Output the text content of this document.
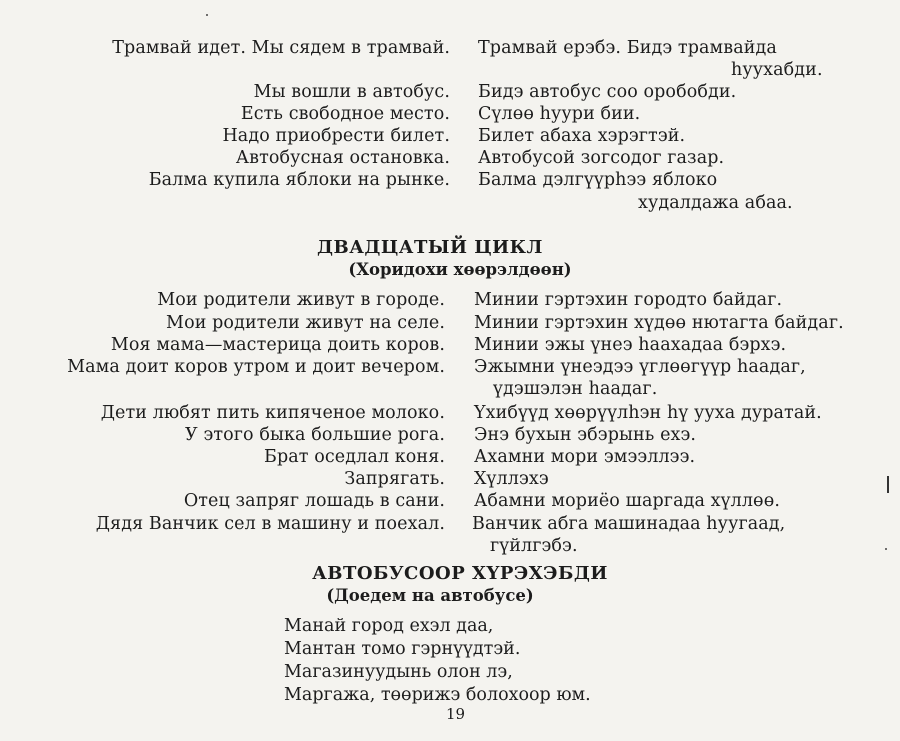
Трамвай идет. Мы сядем в трамвай. Трамвай ерэбэ. Бидэ трамвайда
һуухабди.
Мы вошли в автобус. Бидэ автобус соо оробобди.
Есть свободное место. Сүлөө һуури бии.
Надо приобрести билет. Билет абаха хэрэгтэй.
Автобусная остановка. Автобусой зогсодог газар.
Балма купила яблоки на рынке. Балма дэлгүүрһээ яблоко
худалдажа абаа.
ДВАДЦАТЫЙ ЦИКЛ
(Хоридохи хөөрэлдөөн)
Мои родители живут в городе. Минии гэртэхин городто байдаг.
Мои родители живут на селе. Минии гэртэхин хүдөө нютагта байдаг.
Моя мама—мастерица доить коров. Минии эжы үнеэ һаахадаа бэрхэ.
Мама доит коров утром и доит вечером. Эжымни үнеэдээ үглөөгүүр һаадаг,
үдэшэлэн һаадаг.
Дети любят пить кипяченое молоко. Үхибүүд хөөрүүлһэн һү ууха дуратай.
У этого быка большие рога. Энэ бухын эбэрынь ехэ.
Брат оседлал коня. Ахамни мори эмээллээ.
Запрягать. Хүллэхэ
Отец запряг лошадь в сани. Абамни мориёо шаргада хүллөө.
Дядя Ванчик сел в машину и поехал. Ванчик абга машинадаа һуугаад,
гүйлгэбэ.
АВТОБУСООР ХҮРЭХЭБДИ
(Доедем на автобусе)
Манай город ехэл даа,
Мантан томо гэрнүүдтэй.
Магазинуудынь олон лэ,
Маргажа, төөрижэ болохоор юм.
19
